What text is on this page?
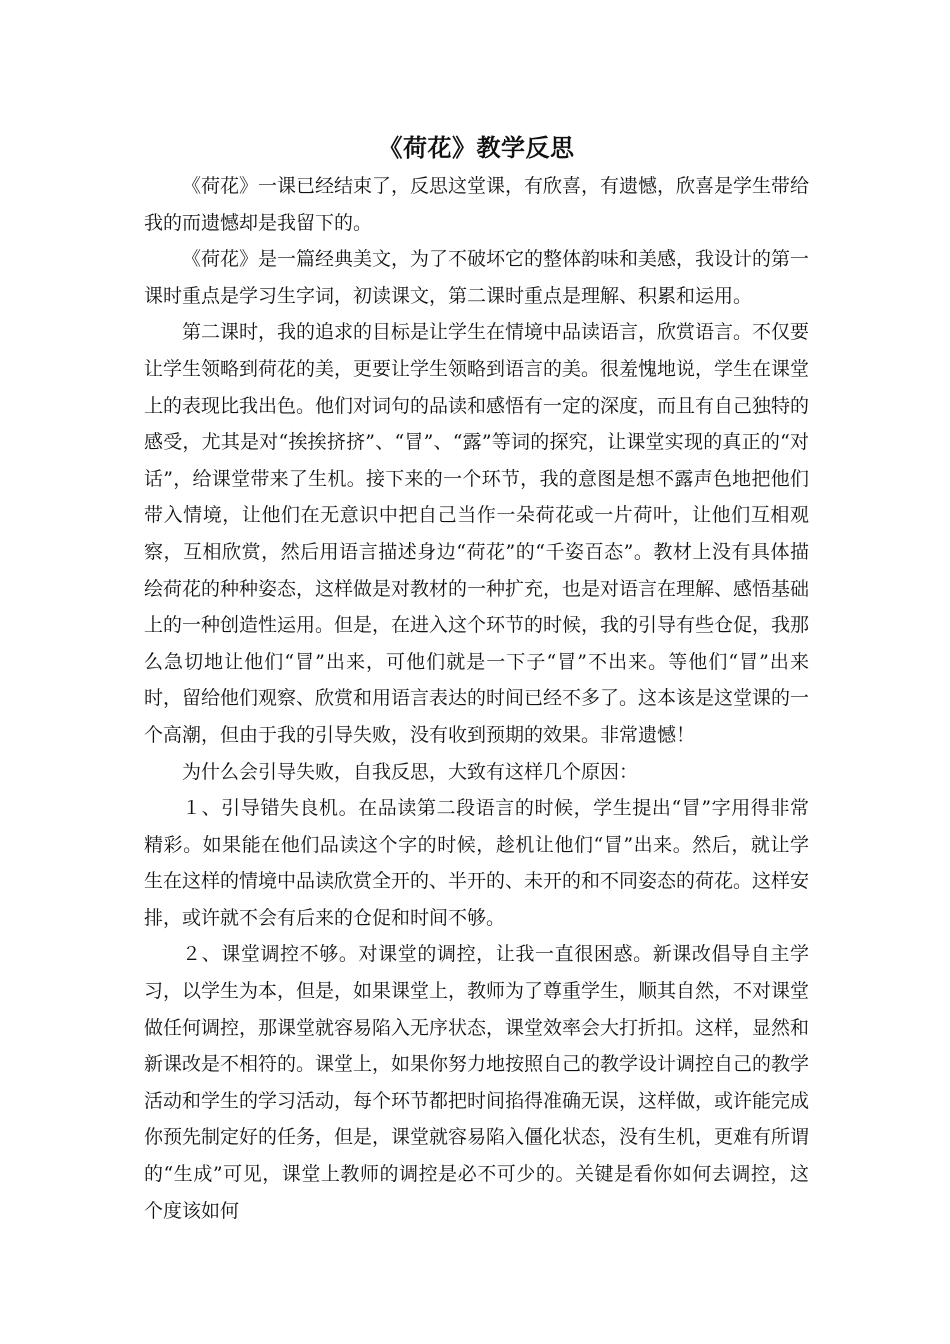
《荷花》教学反思

《荷花》一课已经结束了，反思这堂课，有欣喜，有遗憾，欣喜是学生带给我的而遗憾却是我留下的。

《荷花》是一篇经典美文，为了不破坏它的整体韵味和美感，我设计的第一课时重点是学习生字词，初读课文，第二课时重点是理解、积累和运用。

第二课时，我的追求的目标是让学生在情境中品读语言，欣赏语言。不仅要让学生领略到荷花的美，更要让学生领略到语言的美。很羞愧地说，学生在课堂上的表现比我出色。他们对词句的品读和感悟有一定的深度，而且有自己独特的感受，尤其是对“挨挨挤挤”、“冒”、“露”等词的探究，让课堂实现的真正的“对话”，给课堂带来了生机。接下来的一个环节，我的意图是想不露声色地把他们带入情境，让他们在无意识中把自己当作一朵荷花或一片荷叶，让他们互相观察，互相欣赏，然后用语言描述身边“荷花”的“千姿百态”。教材上没有具体描绘荷花的种种姿态，这样做是对教材的一种扩充，也是对语言在理解、感悟基础上的一种创造性运用。但是，在进入这个环节的时候，我的引导有些仓促，我那么急切地让他们“冒”出来，可他们就是一下子“冒”不出来。等他们“冒”出来时，留给他们观察、欣赏和用语言表达的时间已经不多了。这本该是这堂课的一个高潮，但由于我的引导失败，没有收到预期的效果。非常遗憾！

为什么会引导失败，自我反思，大致有这样几个原因：

１、引导错失良机。在品读第二段语言的时候，学生提出“冒”字用得非常精彩。如果能在他们品读这个字的时候，趁机让他们“冒”出来。然后，就让学生在这样的情境中品读欣赏全开的、半开的、未开的和不同姿态的荷花。这样安排，或许就不会有后来的仓促和时间不够。

２、课堂调控不够。对课堂的调控，让我一直很困惑。新课改倡导自主学习，以学生为本，但是，如果课堂上，教师为了尊重学生，顺其自然，不对课堂做任何调控，那课堂就容易陷入无序状态，课堂效率会大打折扣。这样，显然和新课改是不相符的。课堂上，如果你努力地按照自己的教学设计调控自己的教学活动和学生的学习活动，每个环节都把时间掐得准确无误，这样做，或许能完成你预先制定好的任务，但是，课堂就容易陷入僵化状态，没有生机，更难有所谓的“生成”可见，课堂上教师的调控是必不可少的。关键是看你如何去调控，这个度该如何
